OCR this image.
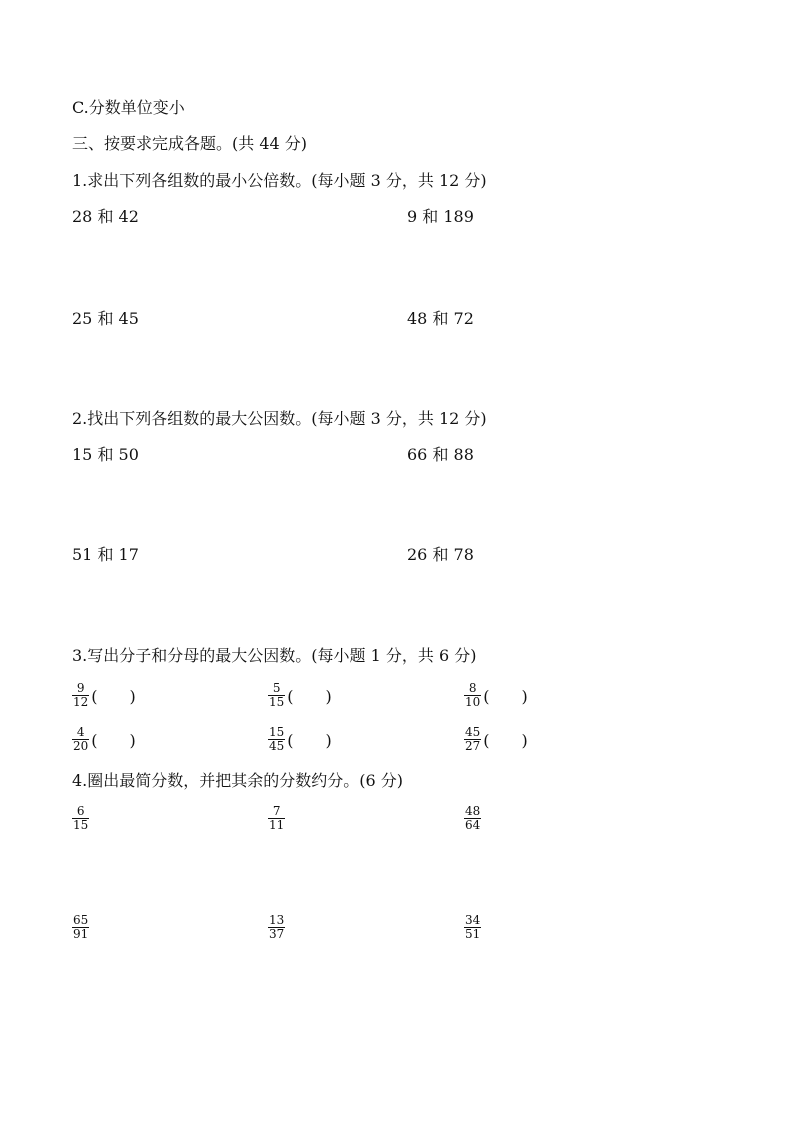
C.分数单位变小
三、按要求完成各题。(共 44 分)
1.求出下列各组数的最小公倍数。(每小题 3 分，共 12 分)
28 和 42	9 和 189
25 和 45	48 和 72
2.找出下列各组数的最大公因数。(每小题 3 分，共 12 分)
15 和 50	66 和 88
51 和 17	26 和 78
3.写出分子和分母的最大公因数。(每小题 1 分，共 6 分)
$\frac{9}{12}$ (　　)	$\frac{5}{15}$ (　　)	$\frac{8}{10}$ (　　)
$\frac{4}{20}$ (　　)	$\frac{15}{45}$ (　　)	$\frac{45}{27}$ (　　)
4.圈出最简分数，并把其余的分数约分。(6 分)
$\frac{6}{15}$	$\frac{7}{11}$	$\frac{48}{64}$
$\frac{65}{91}$	$\frac{13}{37}$	$\frac{34}{51}$
